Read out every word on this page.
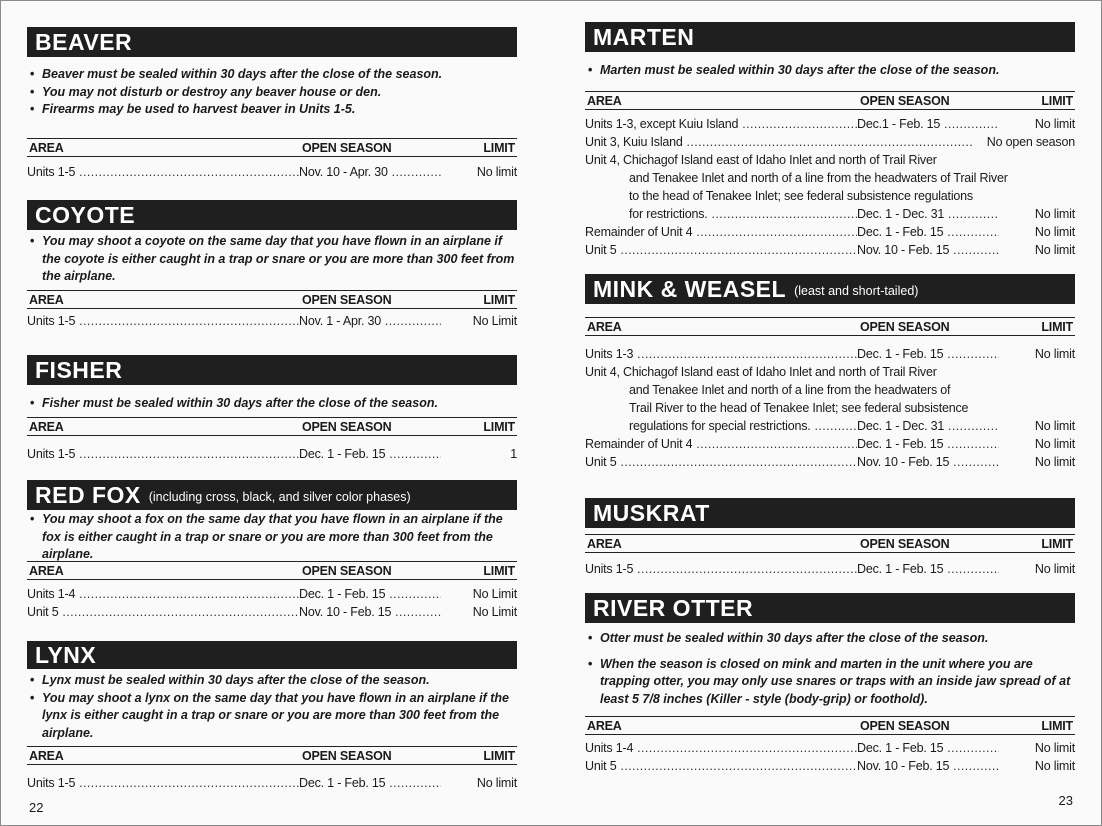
BEAVER
• Beaver must be sealed within 30 days after the close of the season.
• You may not disturb or destroy any beaver house or den.
• Firearms may be used to harvest beaver in Units 1-5.
AREA	OPEN SEASON	LIMIT
Units 1-5 .....	Nov. 10 - Apr. 30 .....	No limit
COYOTE
• You may shoot a coyote on the same day that you have flown in an airplane if the coyote is either caught in a trap or snare or you are more than 300 feet from the airplane.
AREA	OPEN SEASON	LIMIT
Units 1-5 .....	Nov. 1 - Apr. 30 .....	No Limit
FISHER
• Fisher must be sealed within 30 days after the close of the season.
AREA	OPEN SEASON	LIMIT
Units 1-5 .....	Dec. 1 - Feb. 15 .....	1
RED FOX (including cross, black, and silver color phases)
• You may shoot a fox on the same day that you have flown in an airplane if the fox is either caught in a trap or snare or you are more than 300 feet from the airplane.
AREA	OPEN SEASON	LIMIT
Units 1-4 .....	Dec. 1 - Feb. 15 .....	No Limit
Unit 5 .....	Nov. 10 - Feb. 15 .....	No Limit
LYNX
• Lynx must be sealed within 30 days after the close of the season.
• You may shoot a lynx on the same day that you have flown in an airplane if the lynx is either caught in a trap or snare or you are more than 300 feet from the airplane.
AREA	OPEN SEASON	LIMIT
Units 1-5 .....	Dec. 1 - Feb. 15 .....	No limit
22
MARTEN
• Marten must be sealed within 30 days after the close of the season.
AREA	OPEN SEASON	LIMIT
Units 1-3, except Kuiu Island .....	Dec.1 - Feb. 15 .....	No limit
Unit 3, Kuiu Island .....	No open season
Unit 4, Chichagof Island east of Idaho Inlet and north of Trail River
and Tenakee Inlet and north of a line from the headwaters of Trail River
to the head of Tenakee Inlet; see federal subsistence regulations
for restrictions. .....	Dec. 1 - Dec. 31 .....	No limit
Remainder of Unit 4 .....	Dec. 1 - Feb. 15 .....	No limit
Unit 5 .....	Nov. 10 - Feb. 15 .....	No limit
MINK & WEASEL (least and short-tailed)
AREA	OPEN SEASON	LIMIT
Units 1-3 .....	Dec. 1 - Feb. 15 .....	No limit
Unit 4, Chichagof Island east of Idaho Inlet and north of Trail River
and Tenakee Inlet and north of a line from the headwaters of
Trail River to the head of Tenakee Inlet; see federal subsistence
regulations for special restrictions. .....	Dec. 1 - Dec. 31 .....	No limit
Remainder of Unit 4 .....	Dec. 1 - Feb. 15 .....	No limit
Unit 5 .....	Nov. 10 - Feb. 15 .....	No limit
MUSKRAT
AREA	OPEN SEASON	LIMIT
Units 1-5 .....	Dec. 1 - Feb. 15 .....	No limit
RIVER OTTER
• Otter must be sealed within 30 days after the close of the season.
• When the season is closed on mink and marten in the unit where you are trapping otter, you may only use snares or traps with an inside jaw spread of at least 5 7/8 inches (Killer - style (body-grip) or foothold).
AREA	OPEN SEASON	LIMIT
Units 1-4 .....	Dec. 1 - Feb. 15 .....	No limit
Unit 5 .....	Nov. 10 - Feb. 15 .....	No limit
23
